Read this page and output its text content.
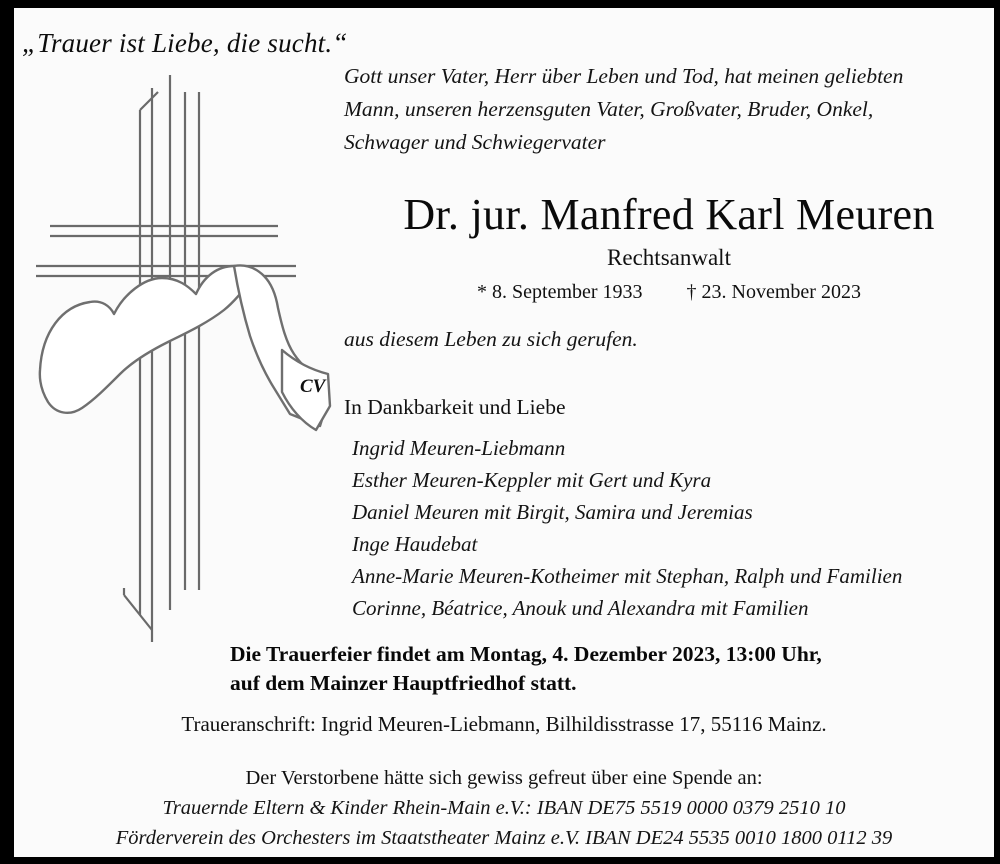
„Trauer ist Liebe, die sucht.“
CV
Gott unser Vater, Herr über Leben und Tod, hat meinen geliebten
Mann, unseren herzensguten Vater, Großvater, Bruder, Onkel,
Schwager und Schwiegervater
Dr. jur. Manfred Karl Meuren
Rechtsanwalt
* 8. September 1933 † 23. November 2023
aus diesem Leben zu sich gerufen.
In Dankbarkeit und Liebe
Ingrid Meuren-Liebmann
Esther Meuren-Keppler mit Gert und Kyra
Daniel Meuren mit Birgit, Samira und Jeremias
Inge Haudebat
Anne-Marie Meuren-Kotheimer mit Stephan, Ralph und Familien
Corinne, Béatrice, Anouk und Alexandra mit Familien
Die Trauerfeier findet am Montag, 4. Dezember 2023, 13:00 Uhr,
auf dem Mainzer Hauptfriedhof statt.
Traueranschrift: Ingrid Meuren-Liebmann, Bilhildisstrasse 17, 55116 Mainz.
Der Verstorbene hätte sich gewiss gefreut über eine Spende an:
Trauernde Eltern & Kinder Rhein-Main e.V.: IBAN DE75 5519 0000 0379 2510 10
Förderverein des Orchesters im Staatstheater Mainz e.V. IBAN DE24 5535 0010 1800 0112 39
